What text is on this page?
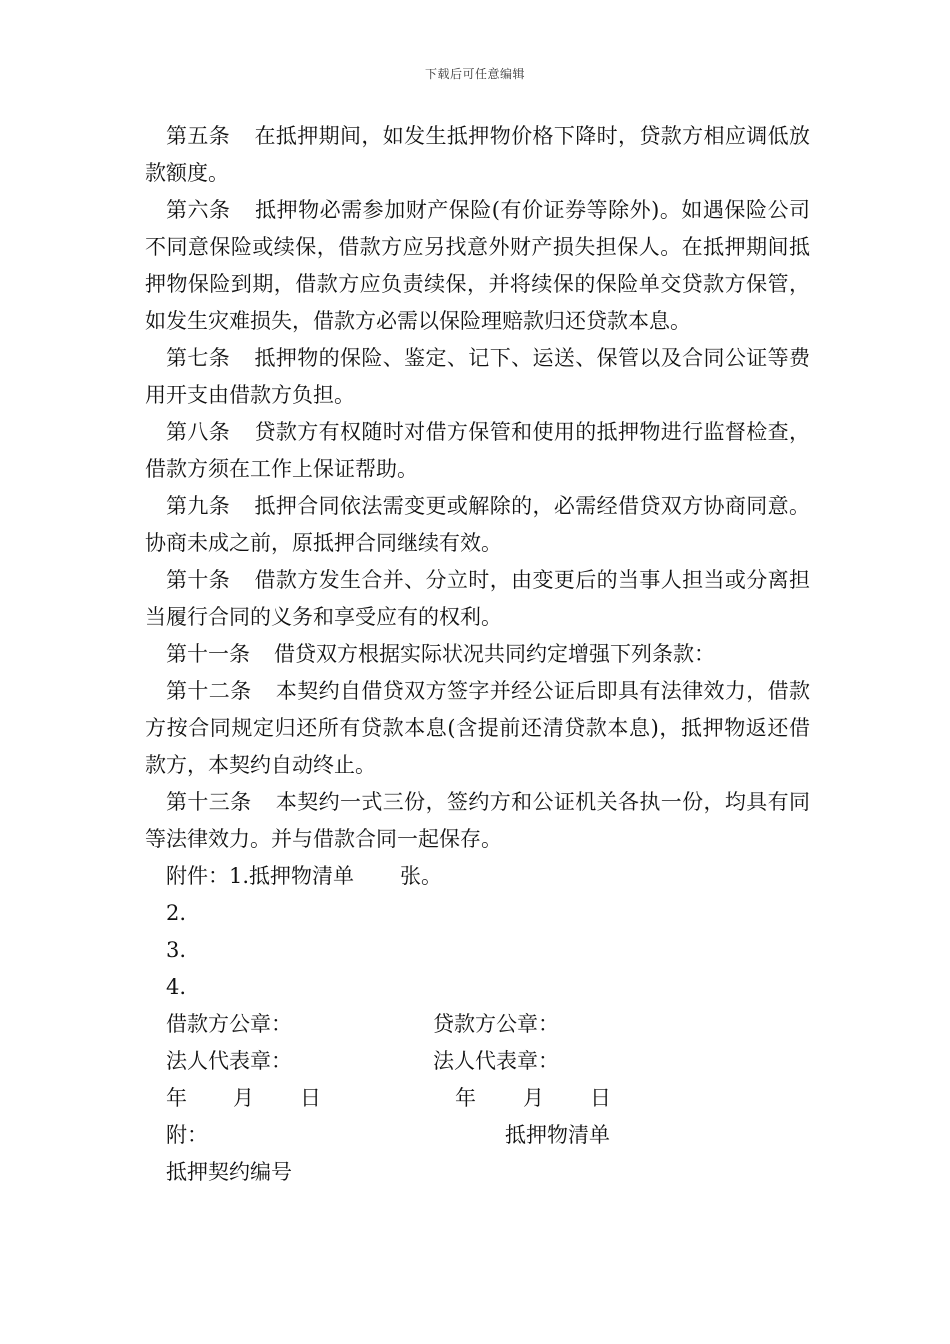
下载后可任意编辑

第五条 在抵押期间，如发生抵押物价格下降时，贷款方相应调低放款额度。

第六条 抵押物必需参加财产保险(有价证券等除外)。如遇保险公司不同意保险或续保，借款方应另找意外财产损失担保人。在抵押期间抵押物保险到期，借款方应负责续保，并将续保的保险单交贷款方保管，如发生灾难损失，借款方必需以保险理赔款归还贷款本息。

第七条 抵押物的保险、鉴定、记下、运送、保管以及合同公证等费用开支由借款方负担。

第八条 贷款方有权随时对借方保管和使用的抵押物进行监督检查，借款方须在工作上保证帮助。

第九条 抵押合同依法需变更或解除的，必需经借贷双方协商同意。协商未成之前，原抵押合同继续有效。

第十条 借款方发生合并、分立时，由变更后的当事人担当或分离担当履行合同的义务和享受应有的权利。

第十一条 借贷双方根据实际状况共同约定增强下列条款：

第十二条 本契约自借贷双方签字并经公证后即具有法律效力，借款方按合同规定归还所有贷款本息(含提前还清贷款本息)，抵押物返还借款方，本契约自动终止。

第十三条 本契约一式三份，签约方和公证机关各执一份，均具有同等法律效力。并与借款合同一起保存。

附件：1.抵押物清单 张。

2.

3.

4.

借款方公章：	贷款方公章：
法人代表章：	法人代表章：
年 月 日	年 月 日
附：	抵押物清单
抵押契约编号
